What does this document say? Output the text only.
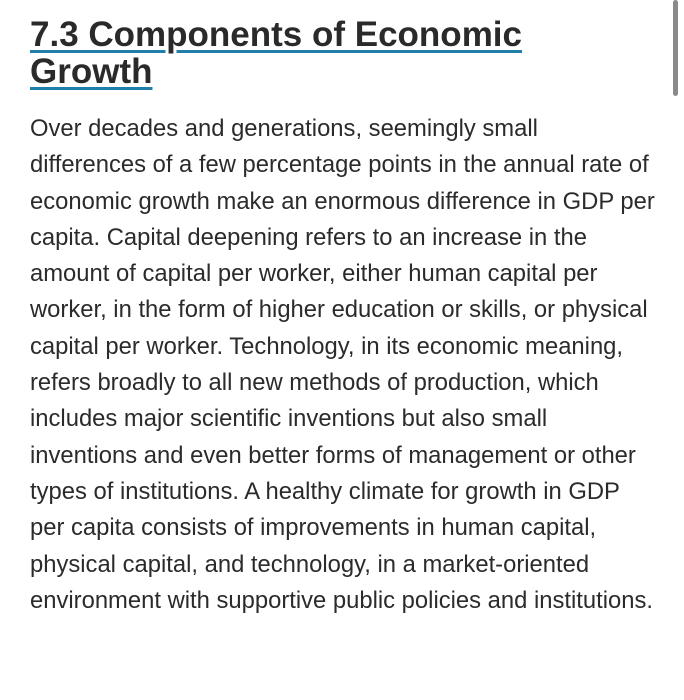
7.3 Components of Economic Growth

Over decades and generations, seemingly small differences of a few percentage points in the annual rate of economic growth make an enormous difference in GDP per capita. Capital deepening refers to an increase in the amount of capital per worker, either human capital per worker, in the form of higher education or skills, or physical capital per worker. Technology, in its economic meaning, refers broadly to all new methods of production, which includes major scientific inventions but also small inventions and even better forms of management or other types of institutions. A healthy climate for growth in GDP per capita consists of improvements in human capital, physical capital, and technology, in a market-oriented environment with supportive public policies and institutions.
